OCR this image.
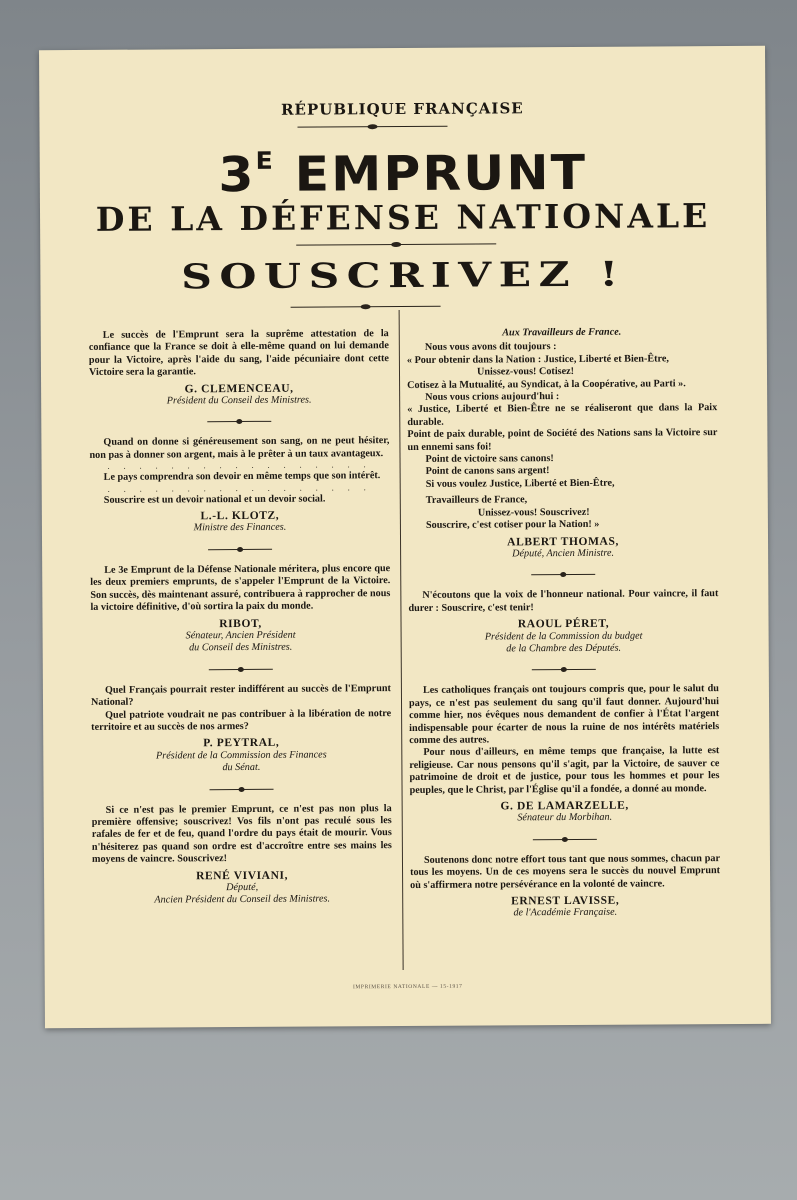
RÉPUBLIQUE FRANÇAISE
$3^E$ EMPRUNT
DE LA DÉFENSE NATIONALE
SOUSCRIVEZ !

Le succès de l'Emprunt sera la suprême attestation de la confiance que la France se doit à elle-même quand on lui demande pour la Victoire, après l'aide du sang, l'aide pécuniaire dont cette Victoire sera la garantie.

G. CLEMENCEAU,
Président du Conseil des Ministres.

Quand on donne si généreusement son sang, on ne peut hésiter, non pas à donner son argent, mais à le prêter à un taux avantageux.

. . . . . . . . . . . . . . . . .

Le pays comprendra son devoir en même temps que son intérêt.

. . . . . . . . . . . . . . . . .

Souscrire est un devoir national et un devoir social.

L.-L. KLOTZ,
Ministre des Finances.

Le 3e Emprunt de la Défense Nationale méritera, plus encore que les deux premiers emprunts, de s'appeler l'Emprunt de la Victoire. Son succès, dès maintenant assuré, contribuera à rapprocher de nous la victoire définitive, d'où sortira la paix du monde.

RIBOT,
Sénateur, Ancien Président
du Conseil des Ministres.

Quel Français pourrait rester indifférent au succès de l'Emprunt National?

Quel patriote voudrait ne pas contribuer à la libération de notre territoire et au succès de nos armes?

P. PEYTRAL,
Président de la Commission des Finances
du Sénat.

Si ce n'est pas le premier Emprunt, ce n'est pas non plus la première offensive; souscrivez! Vos fils n'ont pas reculé sous les rafales de fer et de feu, quand l'ordre du pays était de mourir. Vous n'hésiterez pas quand son ordre est d'accroître entre ses mains les moyens de vaincre. Souscrivez!

RENÉ VIVIANI,
Député,
Ancien Président du Conseil des Ministres.
Aux Travailleurs de France.

Nous vous avons dit toujours :

« Pour obtenir dans la Nation : Justice, Liberté et Bien-Être,

Unissez-vous! Cotisez!

Cotisez à la Mutualité, au Syndicat, à la Coopérative, au Parti ».

Nous vous crions aujourd'hui :

« Justice, Liberté et Bien-Être ne se réaliseront que dans la Paix durable.

Point de paix durable, point de Société des Nations sans la Victoire sur un ennemi sans foi!

Point de victoire sans canons!

Point de canons sans argent!

Si vous voulez Justice, Liberté et Bien-Être,

Travailleurs de France,

Unissez-vous! Souscrivez!

Souscrire, c'est cotiser pour la Nation! »

ALBERT THOMAS,
Député, Ancien Ministre.

N'écoutons que la voix de l'honneur national. Pour vaincre, il faut durer : Souscrire, c'est tenir!

RAOUL PÉRET,
Président de la Commission du budget
de la Chambre des Députés.

Les catholiques français ont toujours compris que, pour le salut du pays, ce n'est pas seulement du sang qu'il faut donner. Aujourd'hui comme hier, nos évêques nous demandent de confier à l'État l'argent indispensable pour écarter de nous la ruine de nos intérêts matériels comme des autres.

Pour nous d'ailleurs, en même temps que française, la lutte est religieuse. Car nous pensons qu'il s'agit, par la Victoire, de sauver ce patrimoine de droit et de justice, pour tous les hommes et pour les peuples, que le Christ, par l'Église qu'il a fondée, a donné au monde.

G. DE LAMARZELLE,
Sénateur du Morbihan.

Soutenons donc notre effort tous tant que nous sommes, chacun par tous les moyens. Un de ces moyens sera le succès du nouvel Emprunt où s'affirmera notre persévérance en la volonté de vaincre.

ERNEST LAVISSE,
de l'Académie Française.
IMPRIMERIE NATIONALE — 15-1917
